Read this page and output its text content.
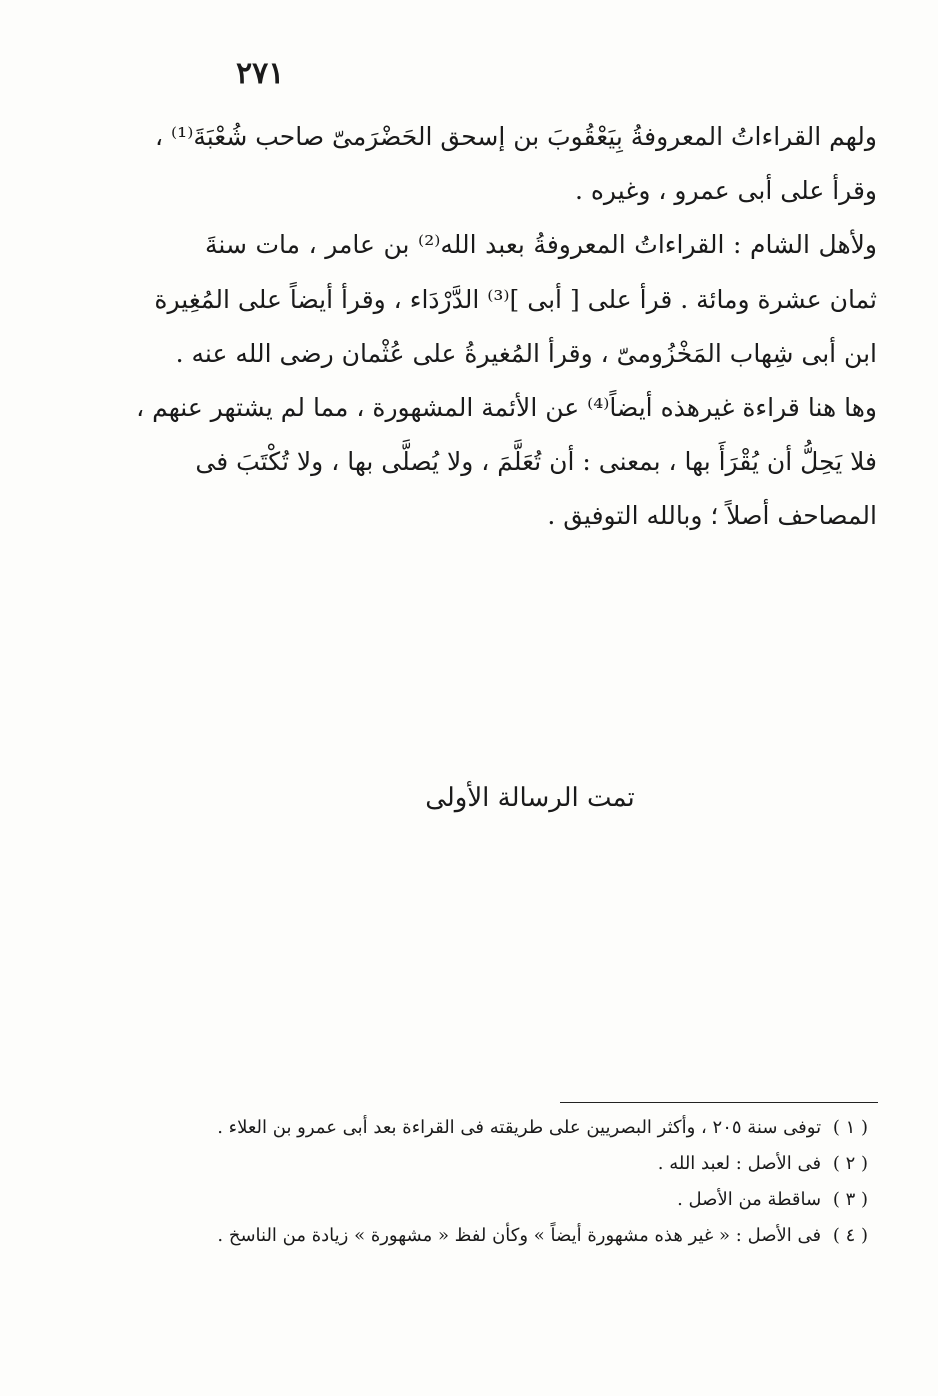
٢٧١
ولهم القراءاتُ المعروفةُ بِيَعْقُوبَ بن إسحق الحَضْرَمىّ صاحب شُعْبَةَ⁽¹⁾ ،
وقرأ على أبى عمرو ، وغيره .
ولأهل الشام : القراءاتُ المعروفةُ بعبد الله⁽²⁾ بن عامر ، مات سنةَ
ثمان عشرة ومائة . قرأ على [ أبى ]⁽³⁾ الدَّرْدَاء ، وقرأ أيضاً على المُغِيرة
ابن أبى شِهاب المَخْزُومىّ ، وقرأ المُغيرةُ على عُثْمان رضى الله عنه .
وها هنا قراءة غيرهذه أيضاً⁽⁴⁾ عن الأئمة المشهورة ، مما لم يشتهر عنهم ،
فلا يَحِلُّ أن يُقْرَأَ بها ، بمعنى : أن تُعَلَّمَ ، ولا يُصلَّى بها ، ولا تُكْتَبَ فى
المصاحف أصلاً ؛ وبالله التوفيق .
تمت الرسالة الأولى
( ١ ) توفى سنة ٢٠٥ ، وأكثر البصريين على طريقته فى القراءة بعد أبى عمرو بن العلاء .
( ٢ ) فى الأصل : لعبد الله .
( ٣ ) ساقطة من الأصل .
( ٤ ) فى الأصل : « غير هذه مشهورة أيضاً » وكأن لفظ « مشهورة » زيادة من الناسخ .
